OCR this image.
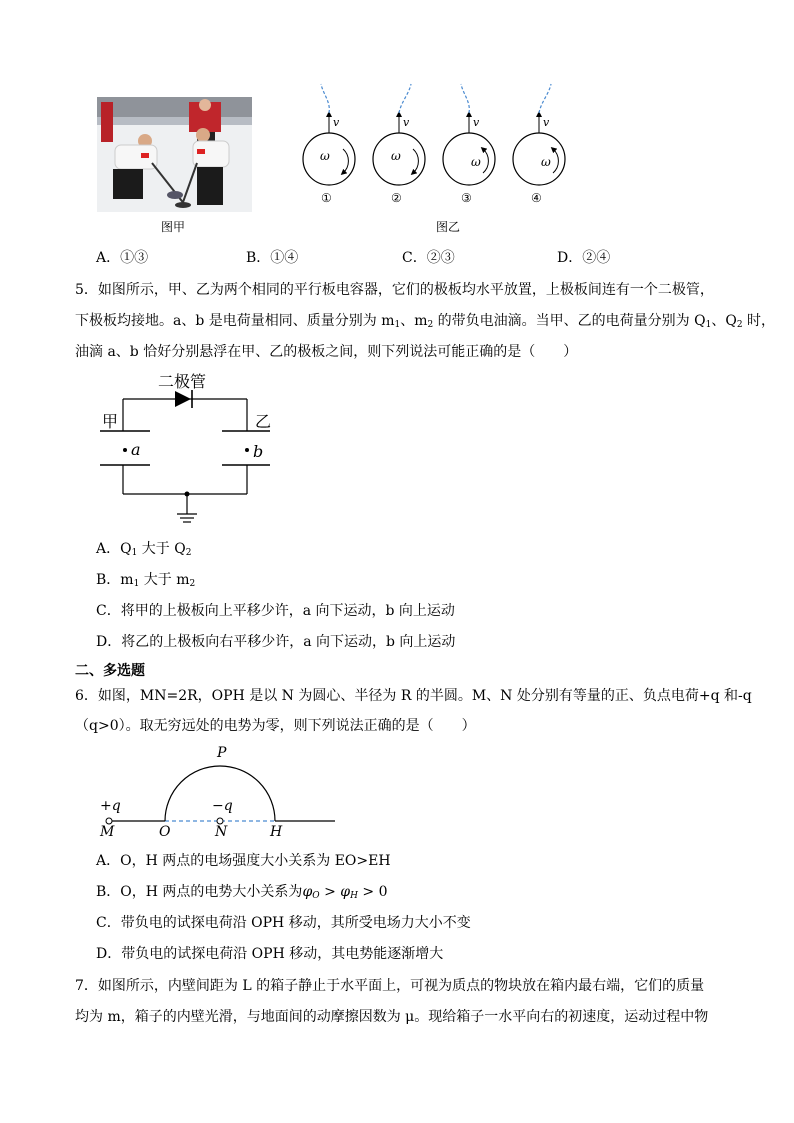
图甲
ω
v
ω
v
ω
v
ω
v
①	②	③	④
图乙
A．①③	B．①④	C．②③	D．②④
5．如图所示，甲、乙为两个相同的平行板电容器，它们的极板均水平放置，上极板间连有一个二极管，
下极板均接地。a、b 是电荷量相同、质量分别为 $m_1$、$m_2$ 的带负电油滴。当甲、乙的电荷量分别为 $Q_1$、$Q_2$ 时，
油滴 a、b 恰好分别悬浮在甲、乙的极板之间，则下列说法可能正确的是（　　）
二极管
甲	乙
a	b
A．$Q_1$ 大于 $Q_2$
B．$m_1$ 大于 $m_2$
C．将甲的上极板向上平移少许，a 向下运动，b 向上运动
D．将乙的上极板向右平移少许，a 向下运动，b 向上运动
二、多选题
6．如图，MN=2R，OPH 是以 N 为圆心、半径为 R 的半圆。M、N 处分别有等量的正、负点电荷+q 和-q
（q>0）。取无穷远处的电势为零，则下列说法正确的是（　　）
P
+q	−q
M	O	N	H
A．O，H 两点的电场强度大小关系为 EO>EH
B．O，H 两点的电势大小关系为$\varphi_O > \varphi_H > 0$
C．带负电的试探电荷沿 OPH 移动，其所受电场力大小不变
D．带负电的试探电荷沿 OPH 移动，其电势能逐渐增大
7．如图所示，内壁间距为 L 的箱子静止于水平面上，可视为质点的物块放在箱内最右端，它们的质量
均为 m，箱子的内壁光滑，与地面间的动摩擦因数为 μ。现给箱子一水平向右的初速度，运动过程中物
